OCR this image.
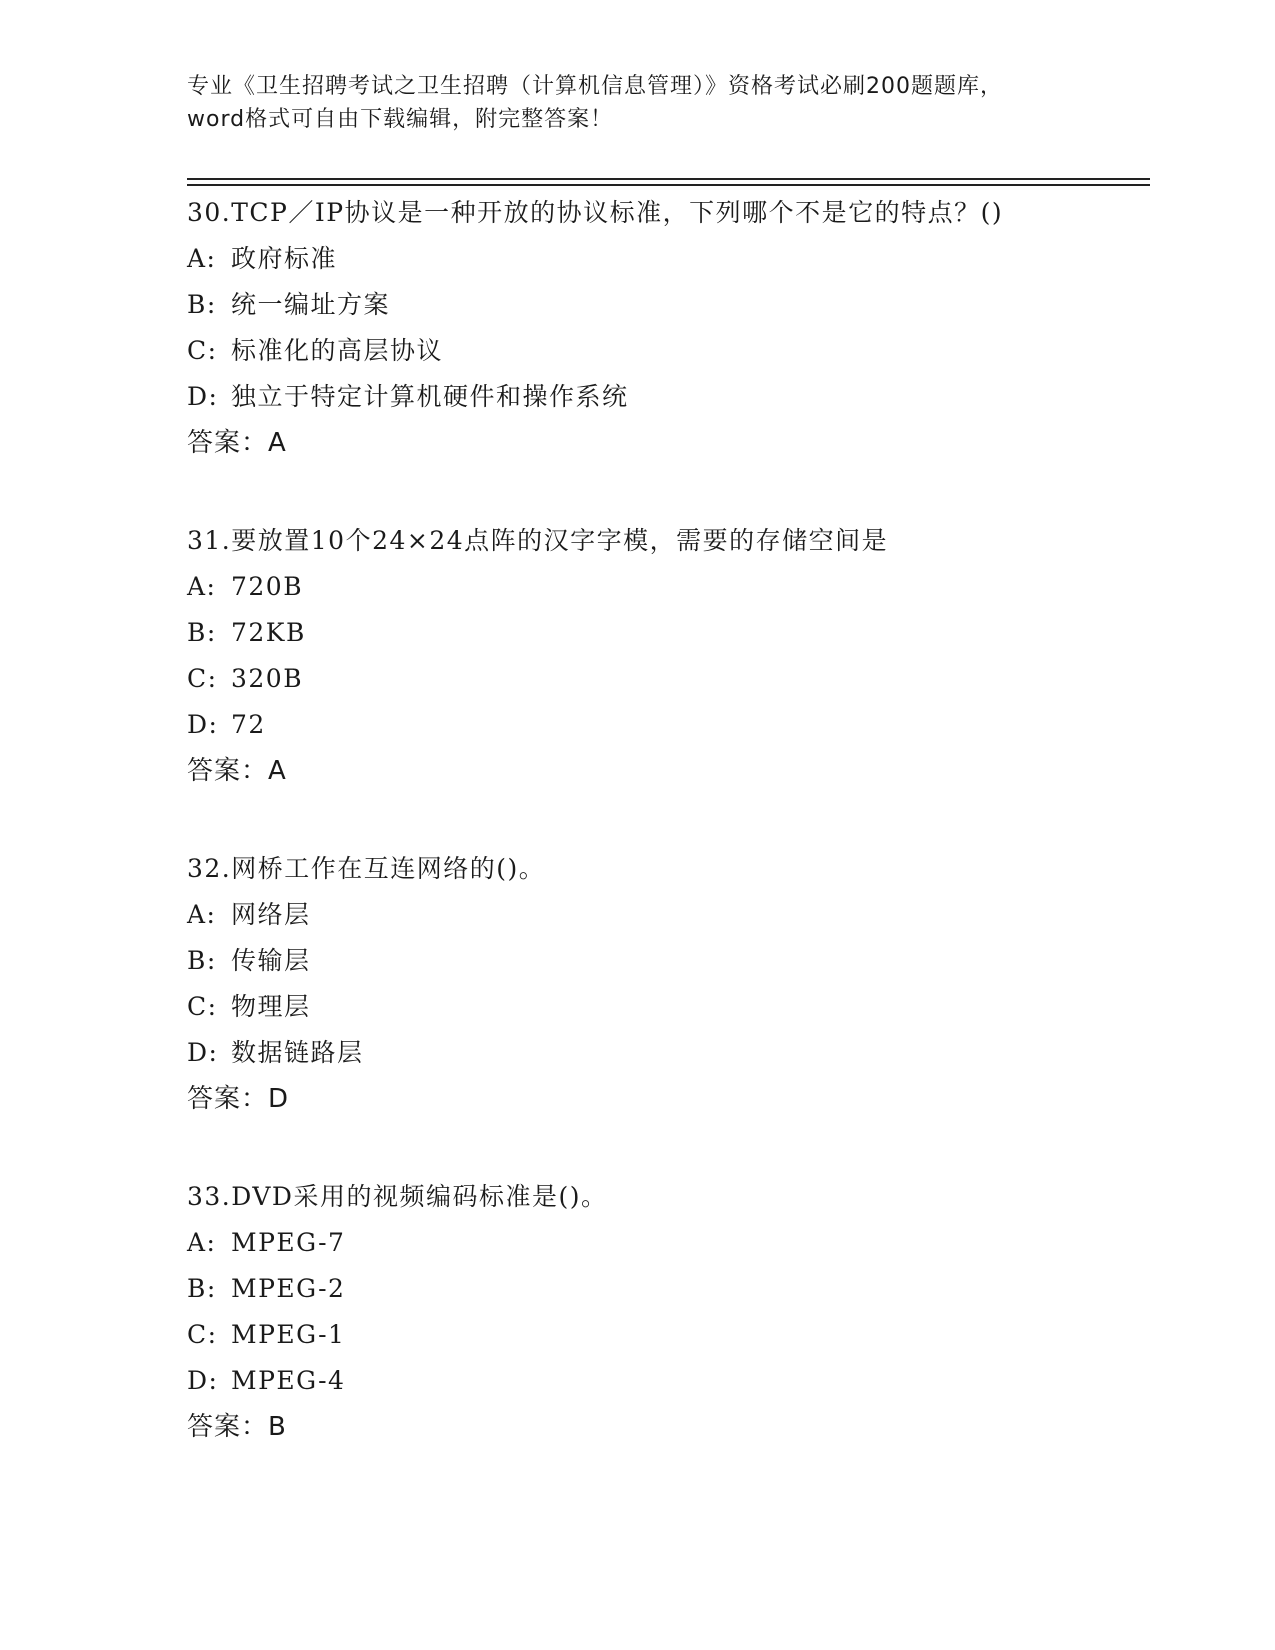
专业《卫生招聘考试之卫生招聘（计算机信息管理）》资格考试必刷200题题库，
word格式可自由下载编辑，附完整答案！
30.TCP／IP协议是一种开放的协议标准，下列哪个不是它的特点？()
A: 政府标准
B: 统一编址方案
C: 标准化的高层协议
D: 独立于特定计算机硬件和操作系统
答案：A
31.要放置10个24×24点阵的汉字字模，需要的存储空间是
A: 720B
B: 72KB
C: 320B
D: 72
答案：A
32.网桥工作在互连网络的()。
A: 网络层
B: 传输层
C: 物理层
D: 数据链路层
答案：D
33.DVD采用的视频编码标准是()。
A: MPEG-7
B: MPEG-2
C: MPEG-1
D: MPEG-4
答案：B
